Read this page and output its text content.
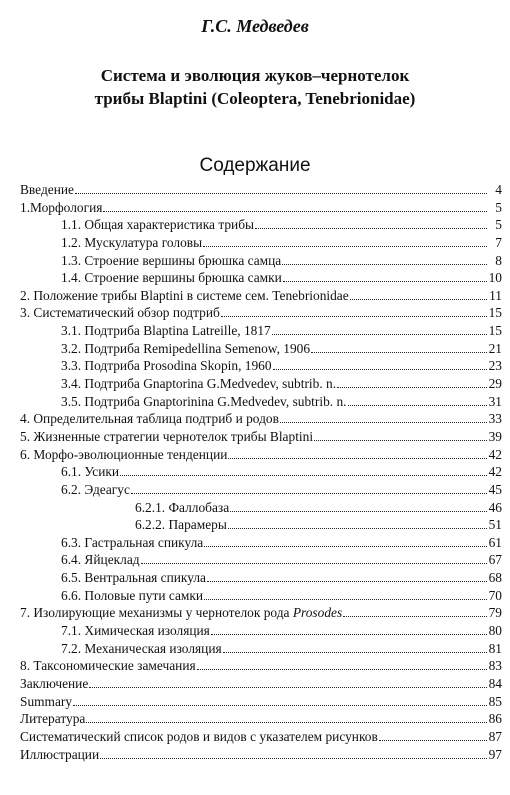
Г.С. Медведев
Система и эволюция жуков–чернотелок
трибы Blaptini (Coleoptera, Tenebrionidae)
Содержание
Введение	4
1.Морфология	5
1.1. Общая характеристика трибы	5
1.2. Мускулатура головы	7
1.3. Строение вершины брюшка самца	8
1.4. Строение вершины брюшка самки	10
2. Положение трибы Blaptini в системе сем. Tenebrionidae	11
3. Систематический обзор подтриб	15
3.1. Подтриба Blaptina Latreille, 1817	15
3.2. Подтриба Remipedellina Semenow, 1906	21
3.3. Подтриба Prosodina Skopin, 1960	23
3.4. Подтриба Gnaptorina G.Medvedev, subtrib. n.	29
3.5. Подтриба Gnaptorinina G.Medvedev, subtrib. n.	31
4. Определительная таблица подтриб и родов	33
5. Жизненные стратегии чернотелок трибы Blaptini	39
6. Морфо-эволюционные тенденции	42
6.1. Усики	42
6.2. Эдеагус	45
6.2.1. Фаллобаза	46
6.2.2. Парамеры	51
6.3. Гастральная спикула	61
6.4. Яйцеклад	67
6.5. Вентральная спикула	68
6.6. Половые пути самки	70
7. Изолирующие механизмы у чернотелок рода Prosodes	79
7.1. Химическая изоляция	80
7.2. Механическая изоляция	81
8. Таксономические замечания	83
Заключение	84
Summary	85
Литература	86
Систематический список родов и видов с указателем рисунков	87
Иллюстрации	97
